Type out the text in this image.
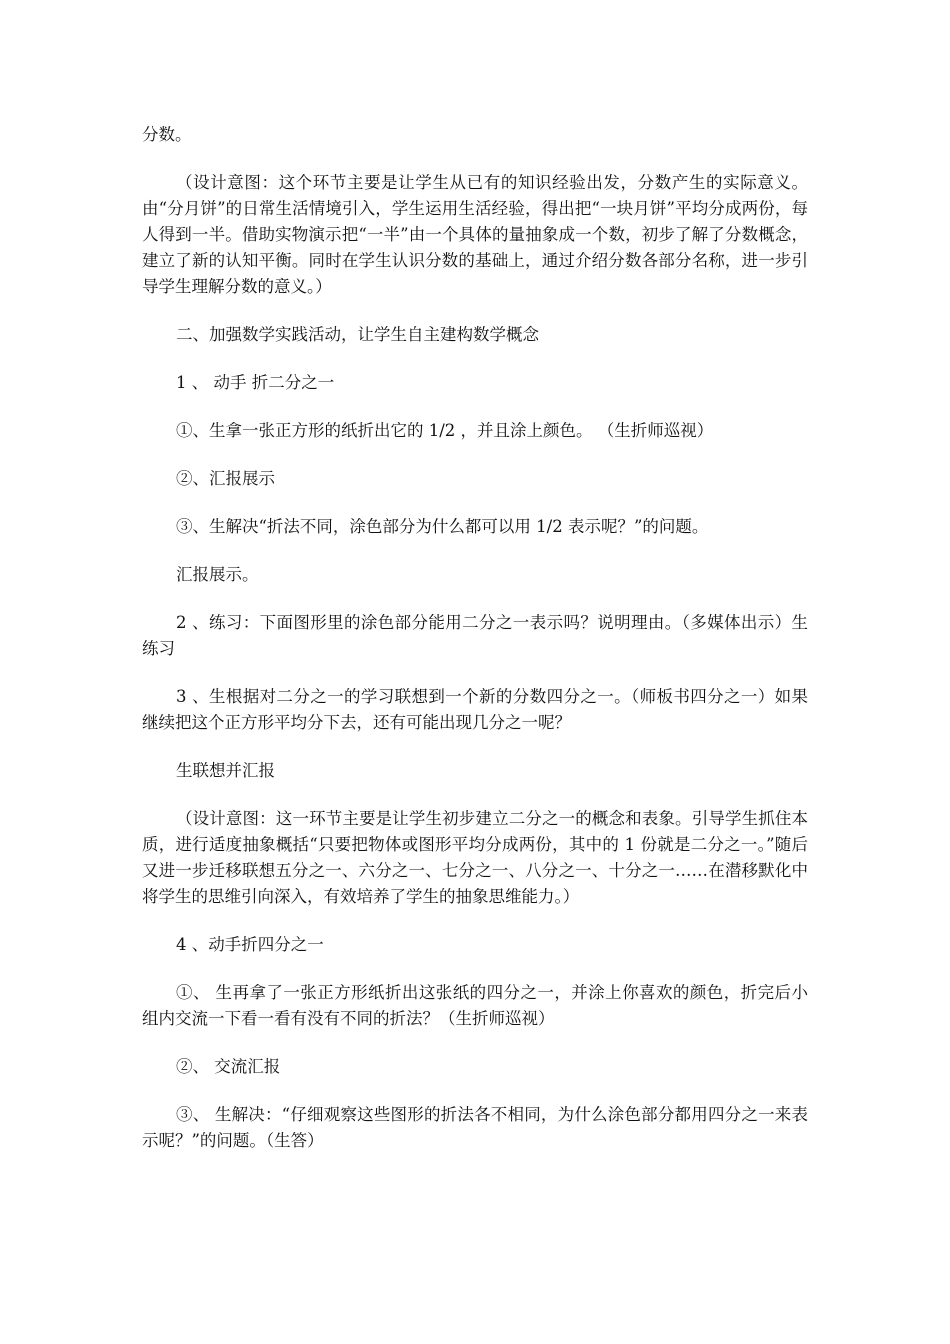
分数。

（设计意图：这个环节主要是让学生从已有的知识经验出发，分数产生的实际意义。由“分月饼”的日常生活情境引入，学生运用生活经验，得出把“一块月饼”平均分成两份，每人得到一半。借助实物演示把“一半”由一个具体的量抽象成一个数，初步了解了分数概念，建立了新的认知平衡。同时在学生认识分数的基础上，通过介绍分数各部分名称，进一步引导学生理解分数的意义。）

二、加强数学实践活动，让学生自主建构数学概念

1 、 动手 折二分之一

①、生拿一张正方形的纸折出它的 1/2 ，并且涂上颜色。 （生折师巡视）

②、汇报展示

③、生解决“折法不同，涂色部分为什么都可以用 1/2 表示呢？”的问题。

汇报展示。

2 、练习：下面图形里的涂色部分能用二分之一表示吗？说明理由。（多媒体出示）生练习

3 、生根据对二分之一的学习联想到一个新的分数四分之一。（师板书四分之一）如果继续把这个正方形平均分下去，还有可能出现几分之一呢？

生联想并汇报

（设计意图：这一环节主要是让学生初步建立二分之一的概念和表象。引导学生抓住本质，进行适度抽象概括“只要把物体或图形平均分成两份，其中的 1 份就是二分之一。”随后又进一步迁移联想五分之一、六分之一、七分之一、八分之一、十分之一……在潜移默化中将学生的思维引向深入，有效培养了学生的抽象思维能力。）

4 、动手折四分之一

①、 生再拿了一张正方形纸折出这张纸的四分之一，并涂上你喜欢的颜色，折完后小组内交流一下看一看有没有不同的折法？（生折师巡视）

②、 交流汇报

③、 生解决：“仔细观察这些图形的折法各不相同，为什么涂色部分都用四分之一来表示呢？”的问题。（生答）
